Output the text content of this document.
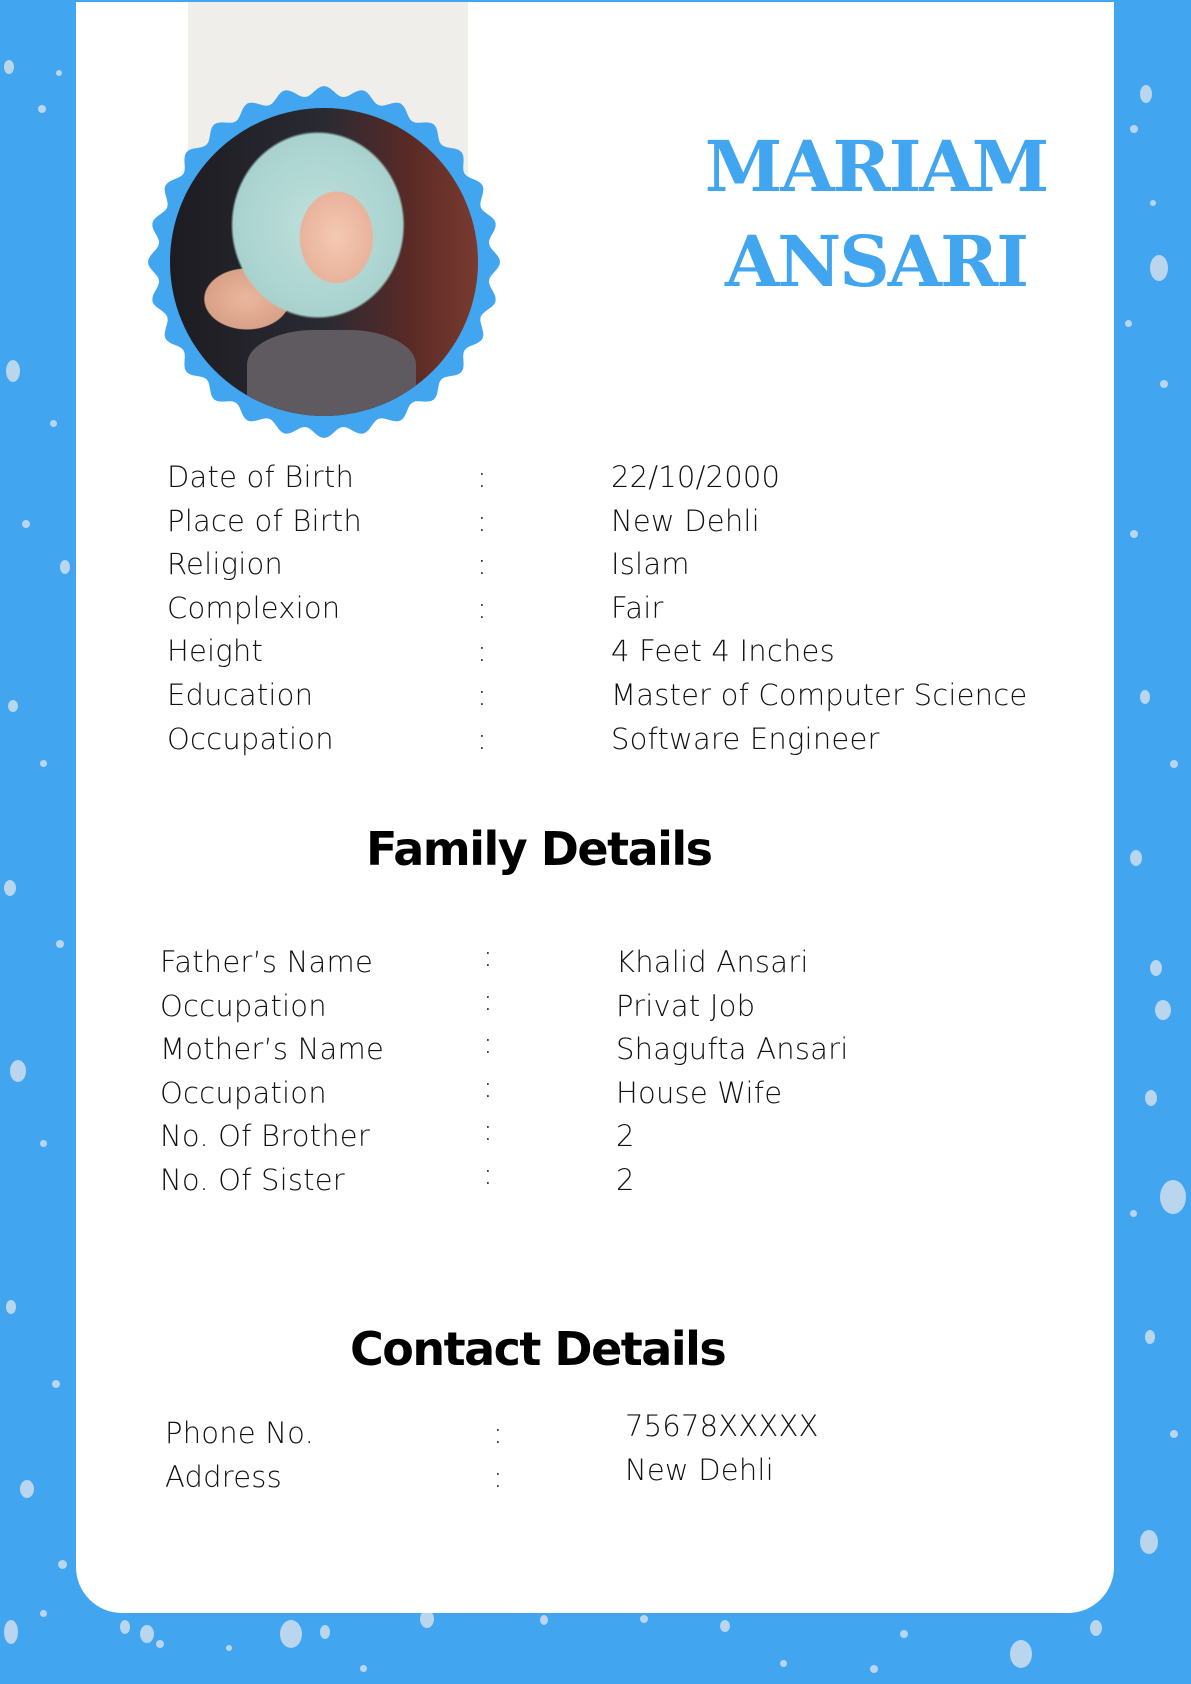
MARIAM
ANSARI
Date of Birth	:	22/10/2000
Place of Birth	:	New Dehli
Religion	:	Islam
Complexion	:	Fair
Height	:	4 Feet 4 Inches
Education	:	Master of Computer Science
Occupation	:	Software Engineer
Family Details
Father’s Name	:	Khalid Ansari
Occupation	:	Privat Job
Mother’s Name	:	Shagufta Ansari
Occupation	:	House Wife
No. Of Brother	:	2
No. Of Sister	:	2
Contact Details
Phone No.	:	75678XXXXX
Address	:	New Dehli
